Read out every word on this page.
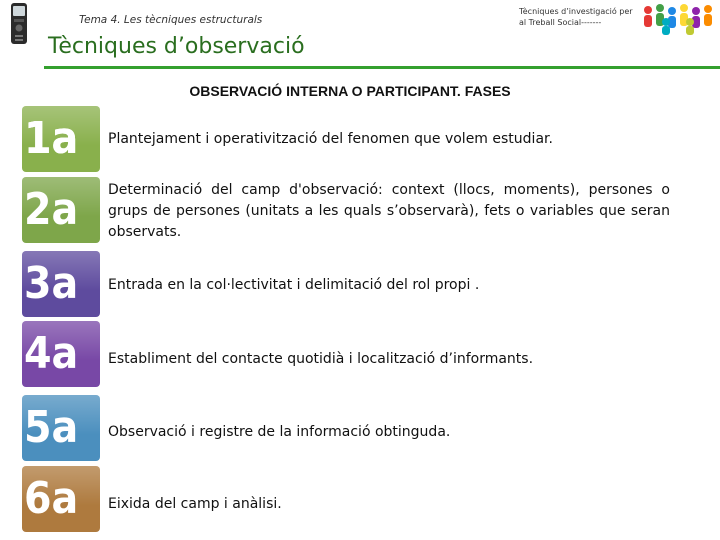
Tema 4. Les tècniques estructurals
Tècniques d’investigació per al Treball Social-------
Tècniques d’observació
OBSERVACIÓ INTERNA O PARTICIPANT. FASES
1a	Plantejament i operativització del fenomen que volem estudiar.
2a	Determinació del camp d'observació: context (llocs, moments), persones o grups de persones (unitats a les quals s’observarà), fets o variables que seran observats.
3a	Entrada en la col·lectivitat i delimitació del rol propi .
4a	Establiment del contacte quotidià i localització d’informants.
5a	Observació i registre de la informació obtinguda.
6a	Eixida del camp i anàlisi.
